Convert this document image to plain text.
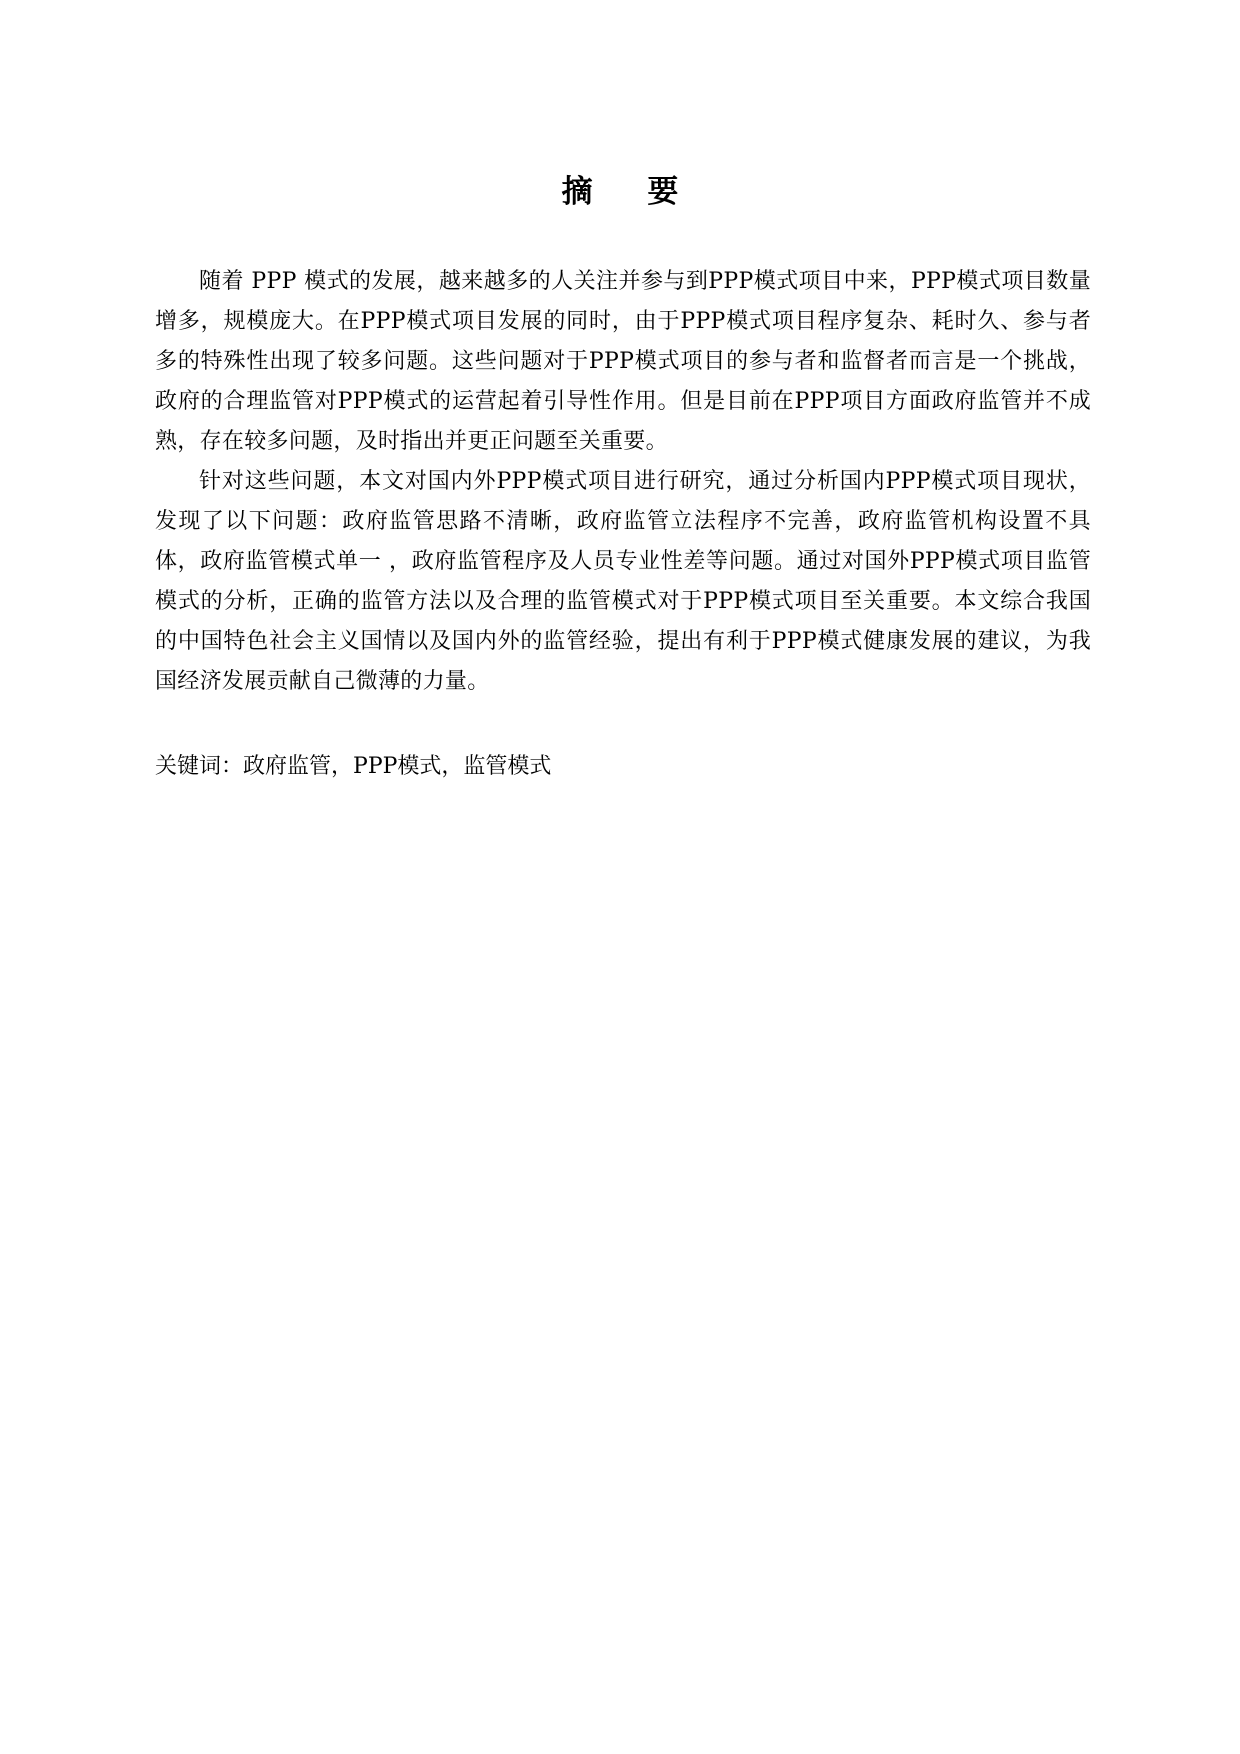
摘 要

随着 PPP 模式的发展，越来越多的人关注并参与到PPP模式项目中来，PPP模式项目数量增多，规模庞大。在PPP模式项目发展的同时，由于PPP模式项目程序复杂、耗时久、参与者多的特殊性出现了较多问题。这些问题对于PPP模式项目的参与者和监督者而言是一个挑战，政府的合理监管对PPP模式的运营起着引导性作用。但是目前在PPP项目方面政府监管并不成熟，存在较多问题，及时指出并更正问题至关重要。

针对这些问题，本文对国内外PPP模式项目进行研究，通过分析国内PPP模式项目现状，发现了以下问题：政府监管思路不清晰，政府监管立法程序不完善，政府监管机构设置不具体，政府监管模式单一 ，政府监管程序及人员专业性差等问题。通过对国外PPP模式项目监管模式的分析，正确的监管方法以及合理的监管模式对于PPP模式项目至关重要。本文综合我国的中国特色社会主义国情以及国内外的监管经验，提出有利于PPP模式健康发展的建议，为我国经济发展贡献自己微薄的力量。

关键词：政府监管，PPP模式，监管模式
